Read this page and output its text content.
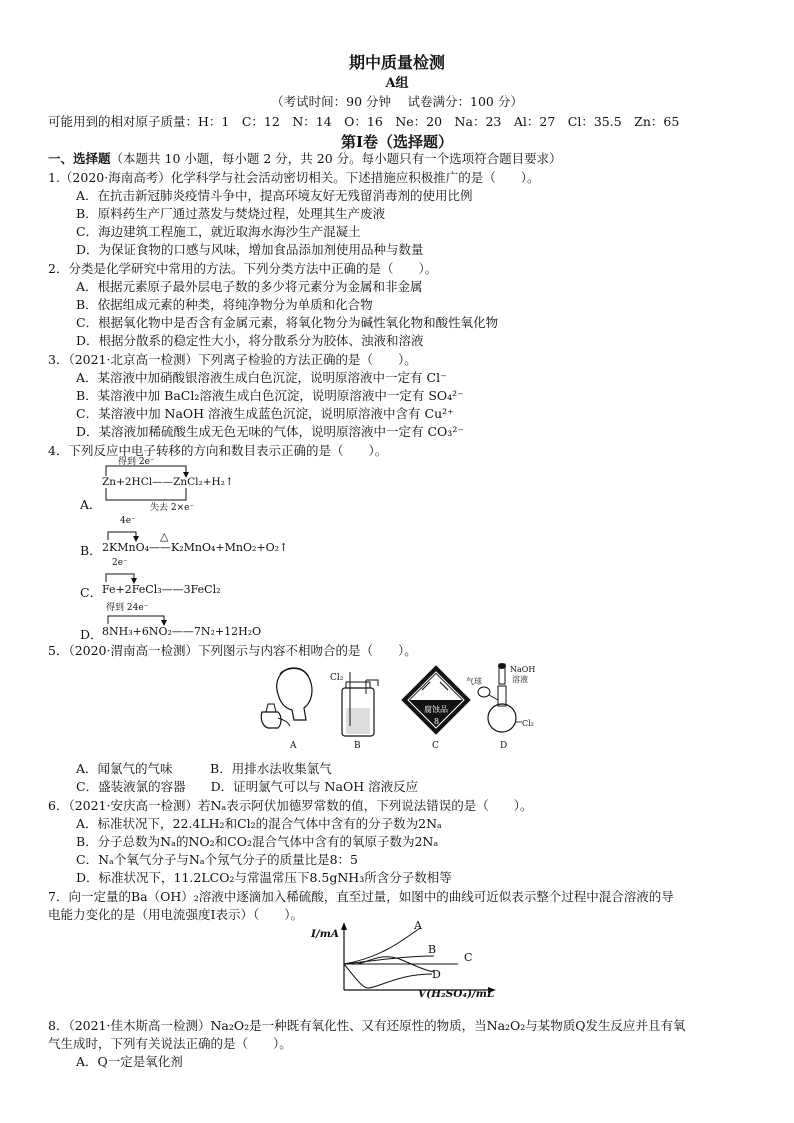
期中质量检测
A组
（考试时间：90 分钟　 试卷满分：100 分）
可能用到的相对原子质量：H：1　C：12　N：14　O：16　Ne：20　Na：23　Al：27　Cl：35.5　Zn：65
第Ⅰ卷（选择题）
一、选择题（本题共 10 小题，每小题 2 分，共 20 分。每小题只有一个选项符合题目要求）
1.（2020·海南高考）化学科学与社会活动密切相关。下述措施应积极推广的是（　　）。
A．在抗击新冠肺炎疫情斗争中，提高环境友好无残留消毒剂的使用比例
B．原料药生产厂通过蒸发与焚烧过程，处理其生产废液
C．海边建筑工程施工，就近取海水海沙生产混凝土
D．为保证食物的口感与风味，增加食品添加剂使用品种与数量
2．分类是化学研究中常用的方法。下列分类方法中正确的是（　　）。
A．根据元素原子最外层电子数的多少将元素分为金属和非金属
B．依据组成元素的种类，将纯净物分为单质和化合物
C．根据氧化物中是否含有金属元素，将氧化物分为碱性氧化物和酸性氧化物
D．根据分散系的稳定性大小，将分散系分为胶体、浊液和溶液
3．（2021·北京高一检测）下列离子检验的方法正确的是（　　）。
A．某溶液中加硝酸银溶液生成白色沉淀，说明原溶液中一定有 Cl⁻
B．某溶液中加 BaCl₂溶液生成白色沉淀，说明原溶液中一定有 SO₄²⁻
C．某溶液中加 NaOH 溶液生成蓝色沉淀，说明原溶液中含有 Cu²⁺
D．某溶液加稀硫酸生成无色无味的气体，说明原溶液中一定有 CO₃²⁻
4．下列反应中电子转移的方向和数目表示正确的是（　　）。
A．
得到 2e⁻
Zn+2HCl——ZnCl₂+H₂↑
失去 2×e⁻
4e⁻
△
B． 2KMnO₄——K₂MnO₄+MnO₂+O₂↑
2e⁻
C． Fe+2FeCl₃——3FeCl₂
得到 24e⁻
D． 8NH₃+6NO₂——7N₂+12H₂O
5．（2020·渭南高一检测）下列图示与内容不相吻合的是（　　）。
A
Cl₂
B
腐蚀品
8
C
NaOH
溶液
气球
Cl₂
D
A．闻氯气的气味　　　B．用排水法收集氯气
C．盛装液氯的容器　　D．证明氯气可以与 NaOH 溶液反应
6．（2021·安庆高一检测）若Nₐ表示阿伏加德罗常数的值，下列说法错误的是（　　）。
A．标准状况下，22.4LH₂和Cl₂的混合气体中含有的分子数为2Nₐ
B．分子总数为Nₐ的NO₂和CO₂混合气体中含有的氧原子数为2Nₐ
C．Nₐ个氧气分子与Nₐ个氖气分子的质量比是8：5
D．标准状况下，11.2LCO₂与常温常压下8.5gNH₃所含分子数相等
7．向一定量的Ba（OH）₂溶液中逐滴加入稀硫酸，直至过量，如图中的曲线可近似表示整个过程中混合溶液的导
电能力变化的是（用电流强度I表示）（　　）。
I/mA
V(H₂SO₄)/mL
A
B
C
D
8．（2021·佳木斯高一检测）Na₂O₂是一种既有氧化性、又有还原性的物质，当Na₂O₂与某物质Q发生反应并且有氧
气生成时，下列有关说法正确的是（　　）。
A．Q一定是氧化剂
